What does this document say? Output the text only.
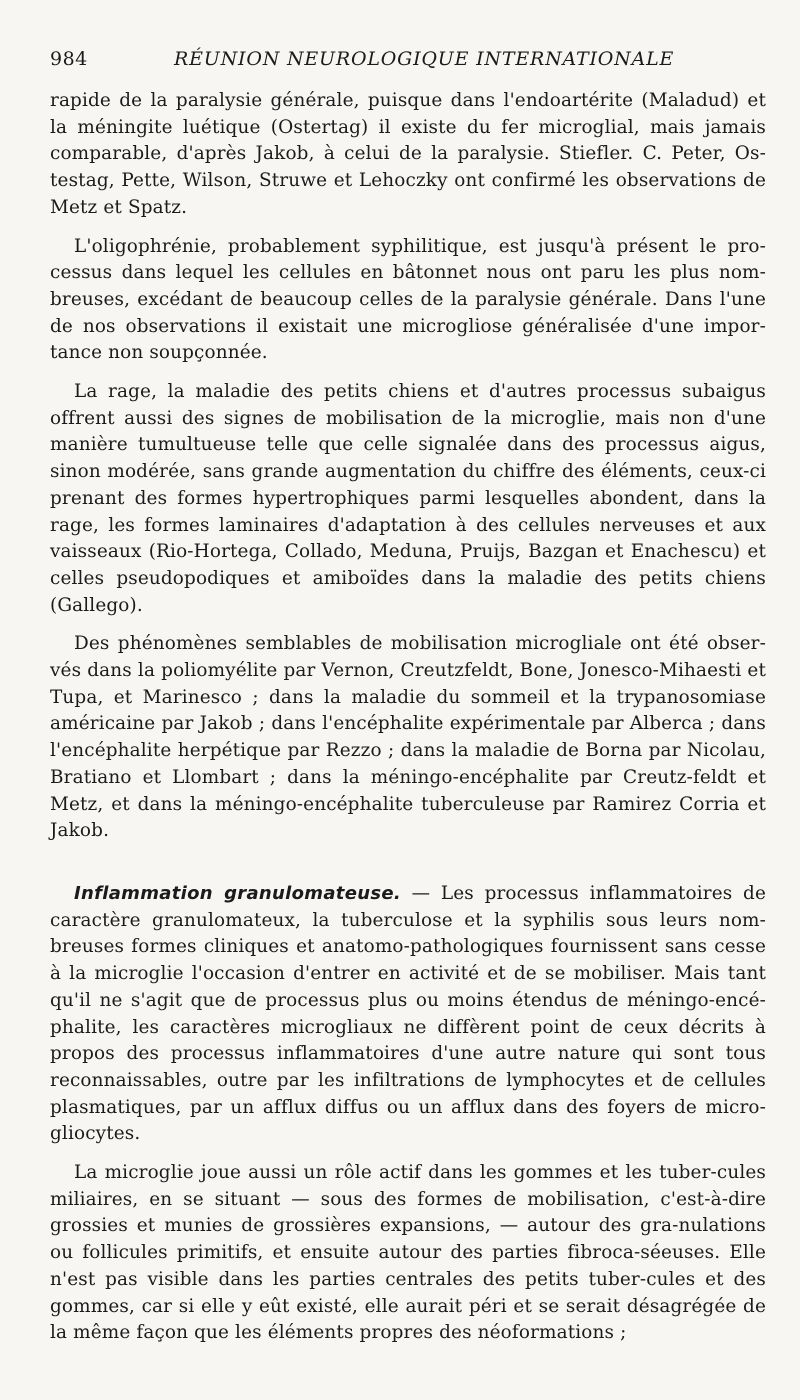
984	RÉUNION NEUROLOGIQUE INTERNATIONALE

rapide de la paralysie générale, puisque dans l'endoartérite (Maladud) et la méningite luétique (Ostertag) il existe du fer microglial, mais jamais comparable, d'après Jakob, à celui de la paralysie. Stiefler. C. Peter, Os-testag, Pette, Wilson, Struwe et Lehoczky ont confirmé les observations de Metz et Spatz.

L'oligophrénie, probablement syphilitique, est jusqu'à présent le pro-cessus dans lequel les cellules en bâtonnet nous ont paru les plus nom-breuses, excédant de beaucoup celles de la paralysie générale. Dans l'une de nos observations il existait une microgliose généralisée d'une impor-tance non soupçonnée.

La rage, la maladie des petits chiens et d'autres processus subaigus offrent aussi des signes de mobilisation de la microglie, mais non d'une manière tumultueuse telle que celle signalée dans des processus aigus, sinon modérée, sans grande augmentation du chiffre des éléments, ceux-ci prenant des formes hypertrophiques parmi lesquelles abondent, dans la rage, les formes laminaires d'adaptation à des cellules nerveuses et aux vaisseaux (Rio-Hortega, Collado, Meduna, Pruijs, Bazgan et Enachescu) et celles pseudopodiques et amiboïdes dans la maladie des petits chiens (Gallego).

Des phénomènes semblables de mobilisation microgliale ont été obser-vés dans la poliomyélite par Vernon, Creutzfeldt, Bone, Jonesco-Mihaesti et Tupa, et Marinesco ; dans la maladie du sommeil et la trypanosomiase américaine par Jakob ; dans l'encéphalite expérimentale par Alberca ; dans l'encéphalite herpétique par Rezzo ; dans la maladie de Borna par Nicolau, Bratiano et Llombart ; dans la méningo-encéphalite par Creutz-feldt et Metz, et dans la méningo-encéphalite tuberculeuse par Ramirez Corria et Jakob.

Inflammation granulomateuse. — Les processus inflammatoires de caractère granulomateux, la tuberculose et la syphilis sous leurs nom-breuses formes cliniques et anatomo-pathologiques fournissent sans cesse à la microglie l'occasion d'entrer en activité et de se mobiliser. Mais tant qu'il ne s'agit que de processus plus ou moins étendus de méningo-encé-phalite, les caractères microgliaux ne diffèrent point de ceux décrits à propos des processus inflammatoires d'une autre nature qui sont tous reconnaissables, outre par les infiltrations de lymphocytes et de cellules plasmatiques, par un afflux diffus ou un afflux dans des foyers de micro-gliocytes.

La microglie joue aussi un rôle actif dans les gommes et les tuber-cules miliaires, en se situant — sous des formes de mobilisation, c'est-à-dire grossies et munies de grossières expansions, — autour des gra-nulations ou follicules primitifs, et ensuite autour des parties fibroca-séeuses. Elle n'est pas visible dans les parties centrales des petits tuber-cules et des gommes, car si elle y eût existé, elle aurait péri et se serait désagrégée de la même façon que les éléments propres des néoformations ;
